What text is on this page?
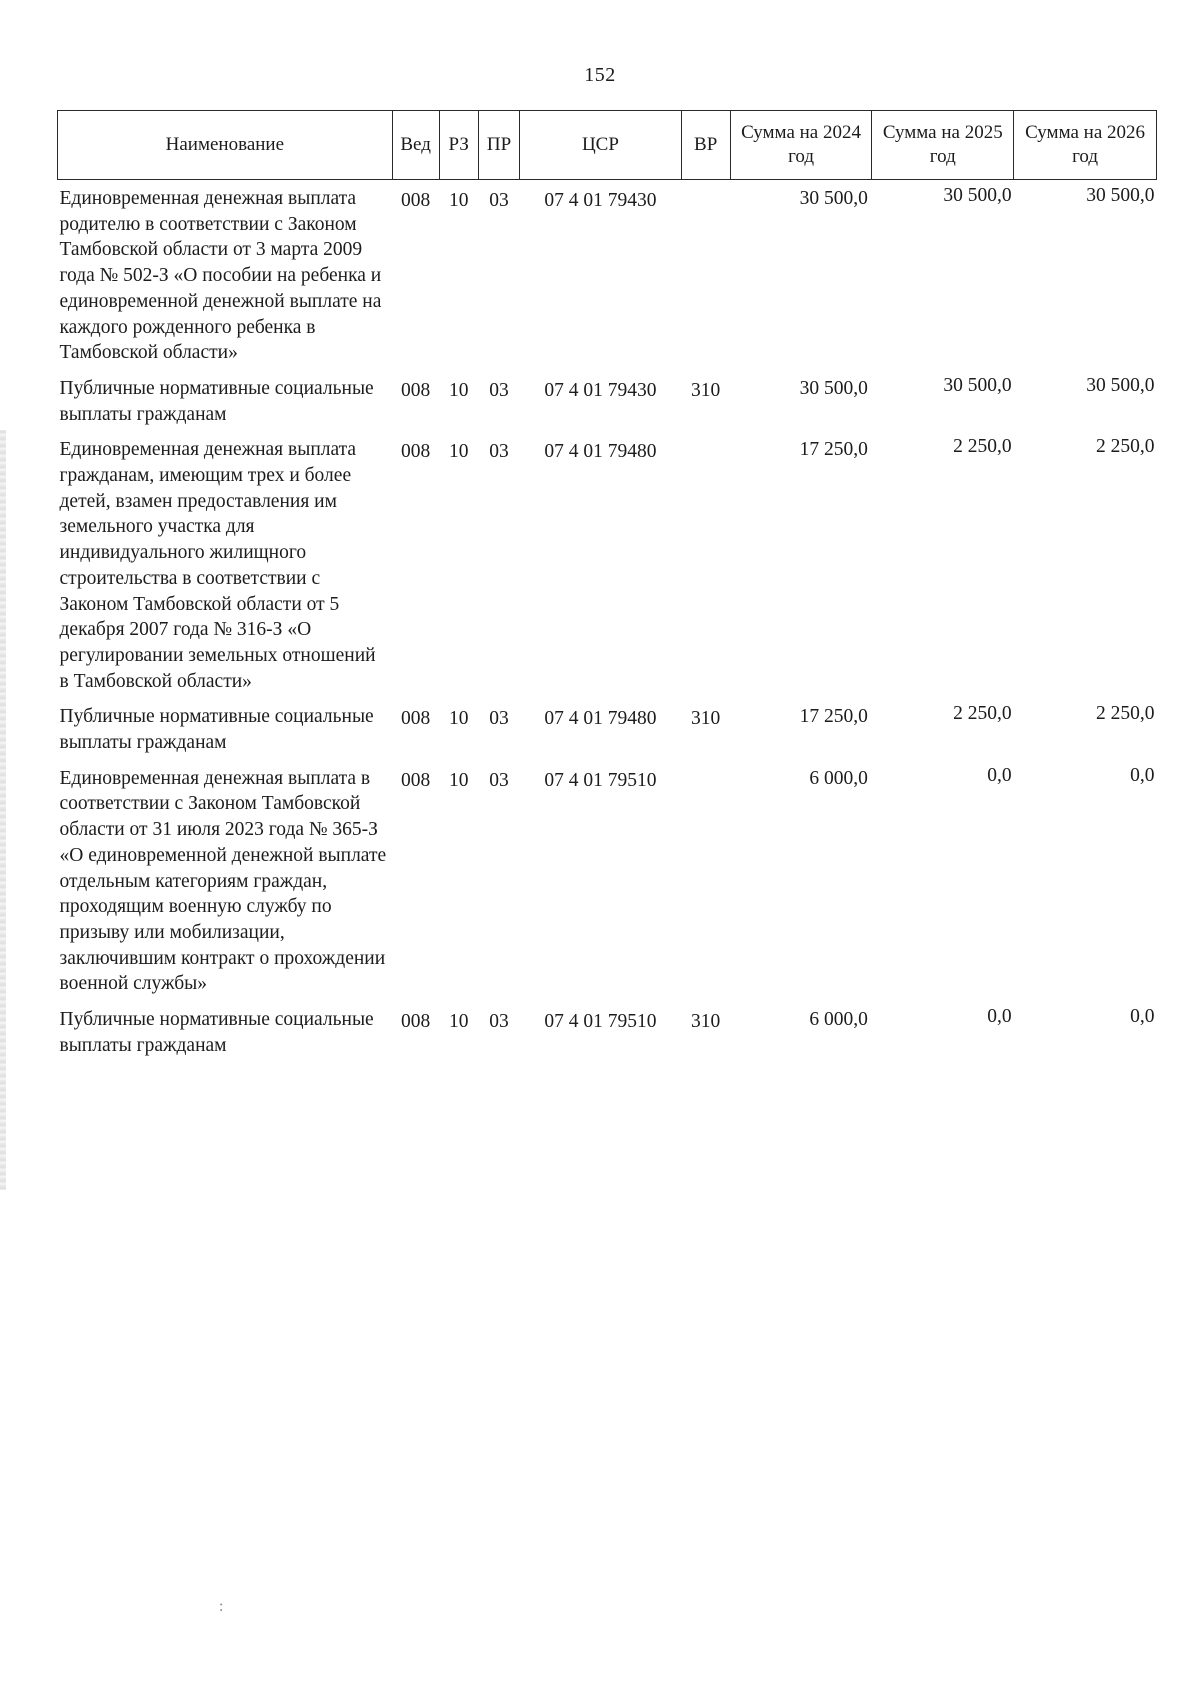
152
Наименование	Вед	РЗ	ПР	ЦСР	ВР	Сумма на 2024 год	Сумма на 2025 год	Сумма на 2026 год
Единовременная денежная выплата родителю в соответствии с Законом Тамбовской области от 3 марта 2009 года № 502-З «О пособии на ребенка и единовременной денежной выплате на каждого рожденного ребенка в Тамбовской области»	008	10	03	07 4 01 79430		30 500,0	30 500,0	30 500,0
Публичные нормативные социальные выплаты гражданам	008	10	03	07 4 01 79430	310	30 500,0	30 500,0	30 500,0
Единовременная денежная выплата гражданам, имеющим трех и более детей, взамен предоставления им земельного участка для индивидуального жилищного строительства в соответствии с Законом Тамбовской области от 5 декабря 2007 года № 316-З «О регулировании земельных отношений в Тамбовской области»	008	10	03	07 4 01 79480		17 250,0	2 250,0	2 250,0
Публичные нормативные социальные выплаты гражданам	008	10	03	07 4 01 79480	310	17 250,0	2 250,0	2 250,0
Единовременная денежная выплата в соответствии с Законом Тамбовской области от 31 июля 2023 года № 365-З «О единовременной денежной выплате отдельным категориям граждан, проходящим военную службу по призыву или мобилизации, заключившим контракт о прохождении военной службы»	008	10	03	07 4 01 79510		6 000,0	0,0	0,0
Публичные нормативные социальные выплаты гражданам	008	10	03	07 4 01 79510	310	6 000,0	0,0	0,0
:
